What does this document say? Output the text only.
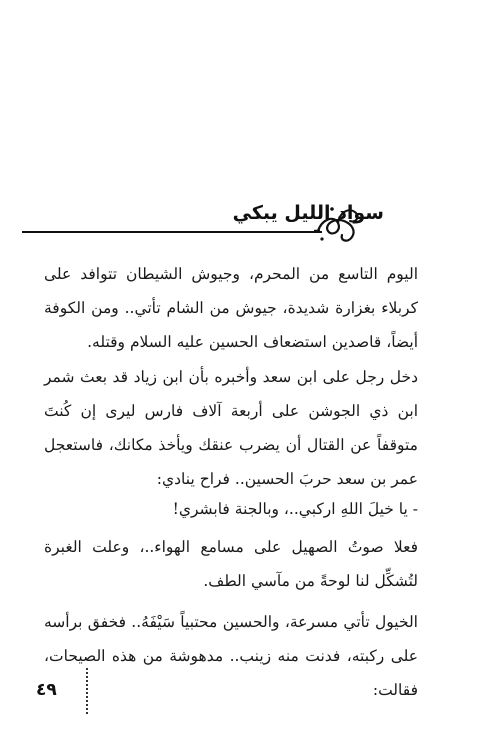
سواد الليل يبكي

اليوم التاسع من المحرم، وجيوش الشيطان تتوافد على كربلاء بغزارة شديدة، جيوش من الشام تأتي.. ومن الكوفة أيضاً، قاصدين استضعاف الحسين عليه السلام وقتله.

دخل رجل على ابن سعد وأخبره بأن ابن زياد قد بعث شمر ابن ذي الجوشن على أربعة آلاف فارس ليرى إن كُنتَ متوقفاً عن القتال أن يضرب عنقك ويأخذ مكانك، فاستعجل عمر بن سعد حربَ الحسين.. فراح ينادي:

- يا خيلَ اللهِ اركبي..، وبالجنة فابشري!

فعلا صوتُ الصهيل على مسامع الهواء..، وعلت الغبرة لتُشكِّل لنا لوحةً من مآسي الطف.

الخيول تأتي مسرعة، والحسين محتبياً سَيْفَهُ.. فخفق برأسه على ركبته، فدنت منه زينب.. مدهوشة من هذه الصيحات، فقالت:

٤٩
